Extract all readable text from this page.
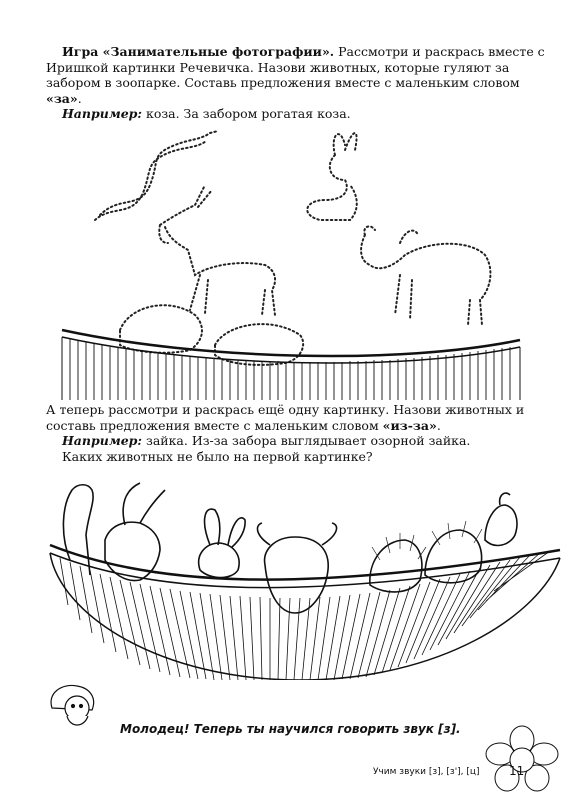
Игра «Занимательные фотографии». Рассмотри и раскрась вместе с Иришкой картинки Речевичка. Назови животных, которые гуляют за забором в зоопарке. Составь предложения вместе с маленьким словом «за».
Например: коза. За забором рогатая коза.
А теперь рассмотри и раскрась ещё одну картинку. Назови животных и составь предложения вместе с маленьким словом «из-за».
Например: зайка. Из-за забора выглядывает озорной зайка.
Каких животных не было на первой картинке?
Молодец! Теперь ты научился говорить звук [з].
Учим звуки [з], [з'], [ц] 11
